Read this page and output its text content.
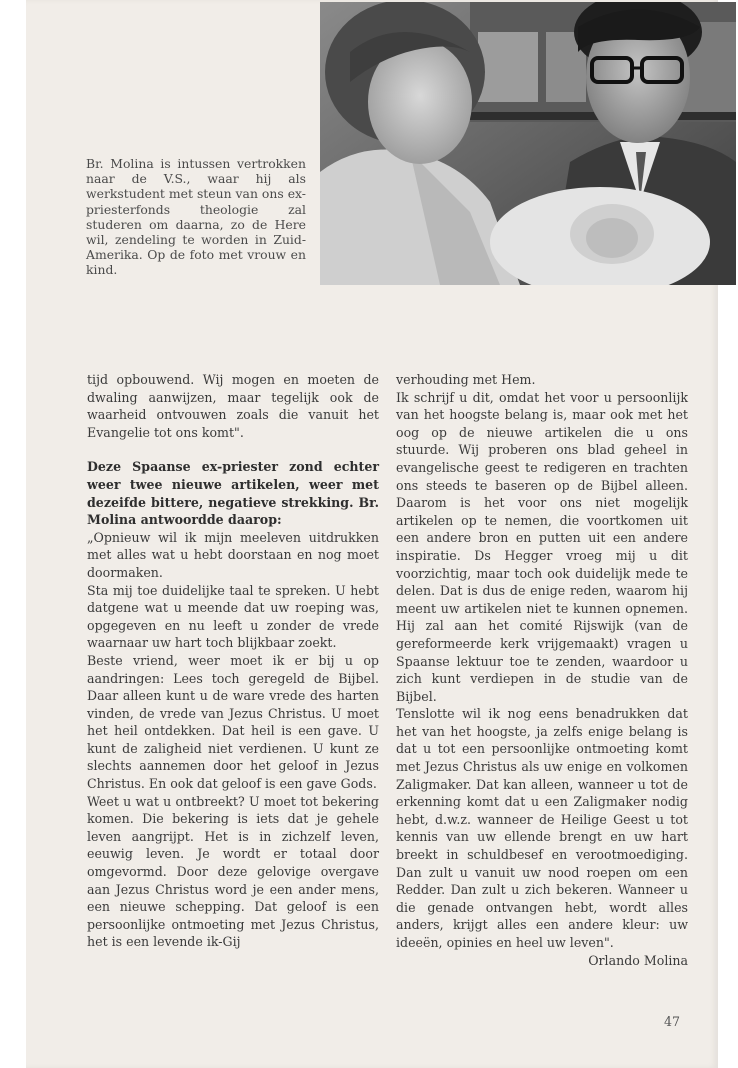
Br. Molina is intussen vertrokken naar de V.S., waar hij als werkstudent met steun van ons ex-priesterfonds theologie zal studeren om daarna, zo de Here wil, zendeling te worden in Zuid-Amerika. Op de foto met vrouw en kind.

tijd opbouwend. Wij mogen en moeten de dwaling aanwijzen, maar tegelijk ook de waarheid ontvouwen zoals die vanuit het Evangelie tot ons komt".

Deze Spaanse ex-priester zond echter weer twee nieuwe artikelen, weer met dezeifde bittere, negatieve strekking. Br. Molina antwoordde daarop:

„Opnieuw wil ik mijn meeleven uitdrukken met alles wat u hebt doorstaan en nog moet doormaken.

Sta mij toe duidelijke taal te spreken. U hebt datgene wat u meende dat uw roeping was, opgegeven en nu leeft u zonder de vrede waarnaar uw hart toch blijkbaar zoekt.

Beste vriend, weer moet ik er bij u op aandringen: Lees toch geregeld de Bijbel. Daar alleen kunt u de ware vrede des harten vinden, de vrede van Jezus Christus. U moet het heil ontdekken. Dat heil is een gave. U kunt de zaligheid niet verdienen. U kunt ze slechts aannemen door het geloof in Jezus Christus. En ook dat geloof is een gave Gods.

Weet u wat u ontbreekt? U moet tot bekering komen. Die bekering is iets dat je gehele leven aangrijpt. Het is in zichzelf leven, eeuwig leven. Je wordt er totaal door omgevormd. Door deze gelovige overgave aan Jezus Christus word je een ander mens, een nieuwe schepping. Dat geloof is een persoonlijke ontmoeting met Jezus Christus, het is een levende ik-Gij

verhouding met Hem.

Ik schrijf u dit, omdat het voor u persoonlijk van het hoogste belang is, maar ook met het oog op de nieuwe artikelen die u ons stuurde. Wij proberen ons blad geheel in evangelische geest te redigeren en trachten ons steeds te baseren op de Bijbel alleen. Daarom is het voor ons niet mogelijk artikelen op te nemen, die voortkomen uit een andere bron en putten uit een andere inspiratie. Ds Hegger vroeg mij u dit voorzichtig, maar toch ook duidelijk mede te delen. Dat is dus de enige reden, waarom hij meent uw artikelen niet te kunnen opnemen. Hij zal aan het comité Rijswijk (van de gereformeerde kerk vrijgemaakt) vragen u Spaanse lektuur toe te zenden, waardoor u zich kunt verdiepen in de studie van de Bijbel.

Tenslotte wil ik nog eens benadrukken dat het van het hoogste, ja zelfs enige belang is dat u tot een persoonlijke ontmoeting komt met Jezus Christus als uw enige en volkomen Zaligmaker. Dat kan alleen, wanneer u tot de erkenning komt dat u een Zaligmaker nodig hebt, d.w.z. wanneer de Heilige Geest u tot kennis van uw ellende brengt en uw hart breekt in schuldbesef en verootmoediging. Dan zult u vanuit uw nood roepen om een Redder. Dan zult u zich bekeren. Wanneer u die genade ontvangen hebt, wordt alles anders, krijgt alles een andere kleur: uw ideeën, opinies en heel uw leven".

Orlando Molina

47
